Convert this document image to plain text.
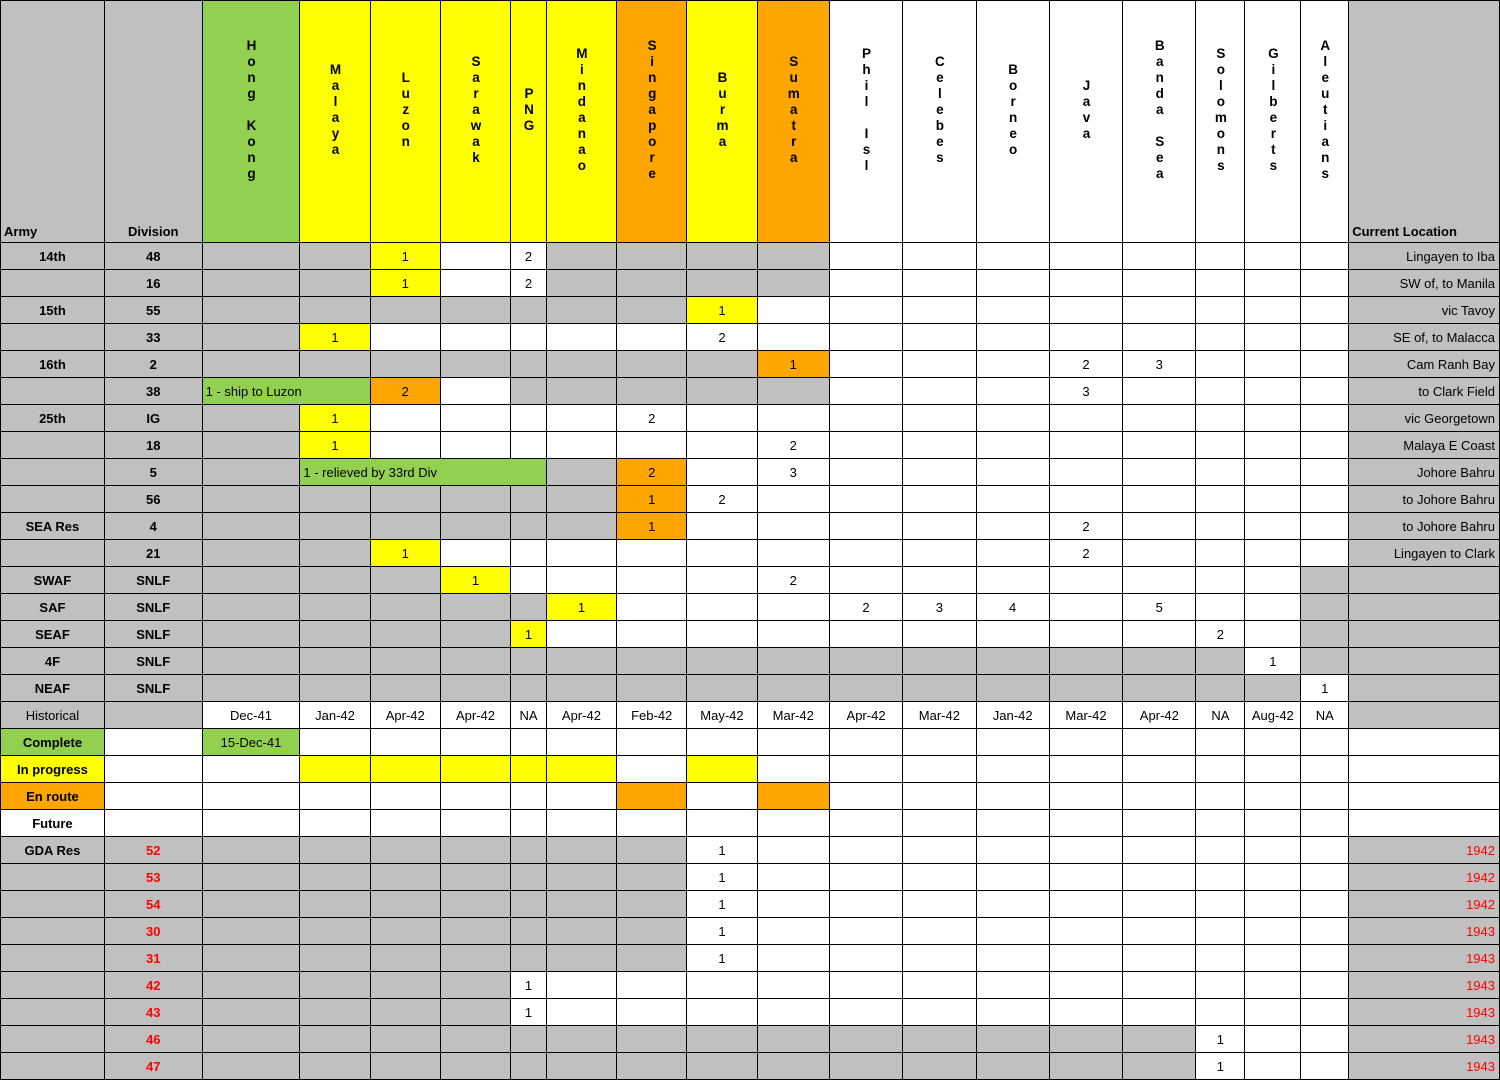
Army	Division	Hong Kong	Malaya	Luzon	Sarawak	PNG	Mindanao	Singapore	Burma	Sumatra	Phil Isl	Celebes	Borneo	Java	Banda Sea	Solomons	Gilberts	Aleutians	Current Location
14th	48			1		2													Lingayen to Iba
	16			1		2													SW of, to Manila
15th	55								1										vic Tavoy
	33		1						2										SE of, to Malacca
16th	2									1				2	3				Cam Ranh Bay
	38	1 - ship to Luzon		2										3					to Clark Field
25th	IG		1					2											vic Georgetown
	18		1							2									Malaya E Coast
	5		1 - relieved by 33rd Div					2		3									Johore Bahru
	56							1	2										to Johore Bahru
SEA Res	4							1						2					to Johore Bahru
	21			1										2					Lingayen to Clark
SWAF	SNLF				1					2									
SAF	SNLF						1				2	3	4		5				
SEAF	SNLF					1										2			
4F	SNLF																1		
NEAF	SNLF																	1	
Historical		Dec-41	Jan-42	Apr-42	Apr-42	NA	Apr-42	Feb-42	May-42	Mar-42	Apr-42	Mar-42	Jan-42	Mar-42	Apr-42	NA	Aug-42	NA	
Complete		15-Dec-41																	
In progress																			
En route																			
Future																			
GDA Res	52								1										1942
	53								1										1942
	54								1										1942
	30								1										1943
	31								1										1943
	42					1													1943
	43					1													1943
	46															1			1943
	47															1			1943
